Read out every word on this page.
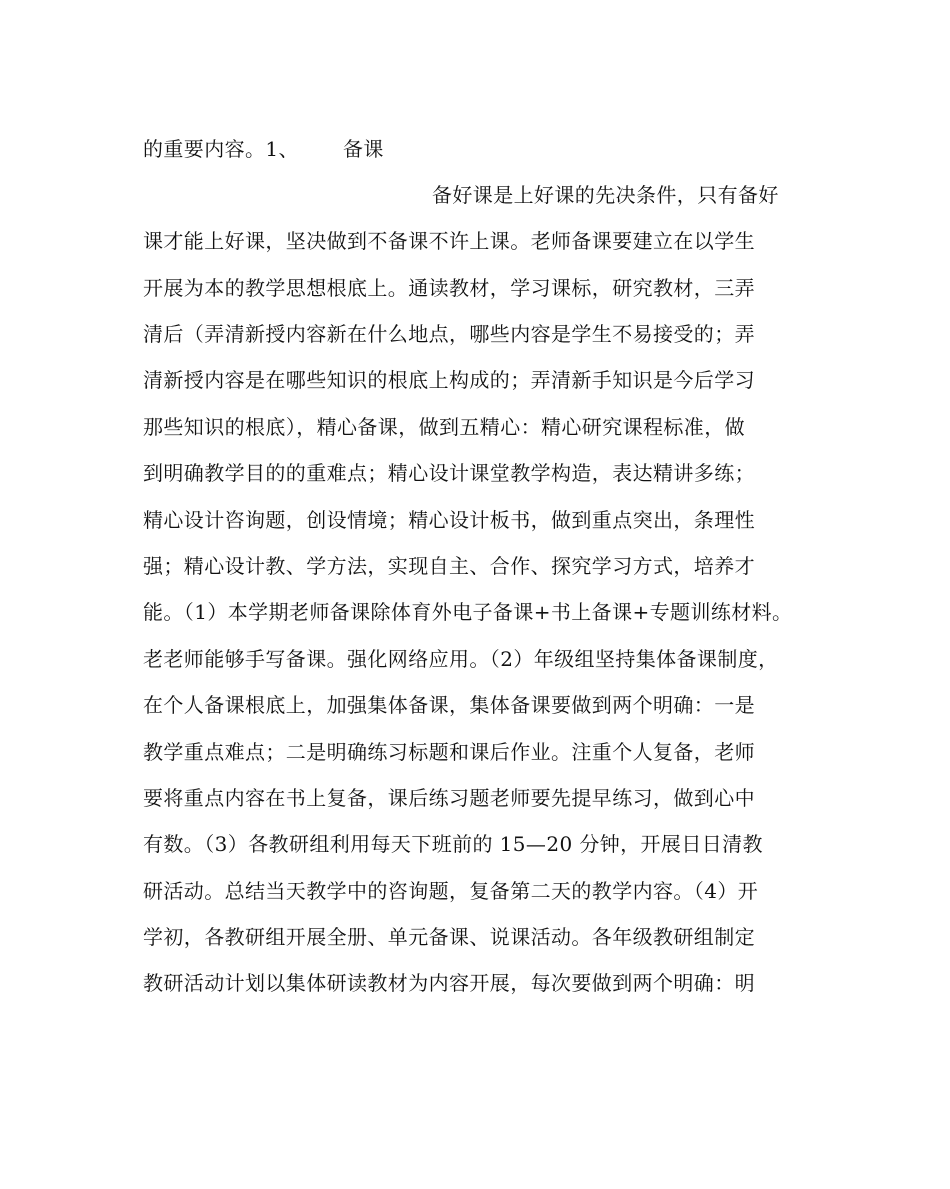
的重要内容。1、 备课
备好课是上好课的先决条件，只有备好
课才能上好课，坚决做到不备课不许上课。老师备课要建立在以学生
开展为本的教学思想根底上。通读教材，学习课标，研究教材，三弄
清后（弄清新授内容新在什么地点，哪些内容是学生不易接受的；弄
清新授内容是在哪些知识的根底上构成的；弄清新手知识是今后学习
那些知识的根底），精心备课，做到五精心：精心研究课程标准，做
到明确教学目的的重难点；精心设计课堂教学构造，表达精讲多练；
精心设计咨询题，创设情境；精心设计板书，做到重点突出，条理性
强；精心设计教、学方法，实现自主、合作、探究学习方式，培养才
能。（1）本学期老师备课除体育外电子备课+书上备课+专题训练材料。
老老师能够手写备课。强化网络应用。（2）年级组坚持集体备课制度，
在个人备课根底上，加强集体备课，集体备课要做到两个明确：一是
教学重点难点；二是明确练习标题和课后作业。注重个人复备，老师
要将重点内容在书上复备，课后练习题老师要先提早练习，做到心中
有数。（3）各教研组利用每天下班前的 15—20 分钟，开展日日清教
研活动。总结当天教学中的咨询题，复备第二天的教学内容。（4）开
学初，各教研组开展全册、单元备课、说课活动。各年级教研组制定
教研活动计划以集体研读教材为内容开展，每次要做到两个明确：明
